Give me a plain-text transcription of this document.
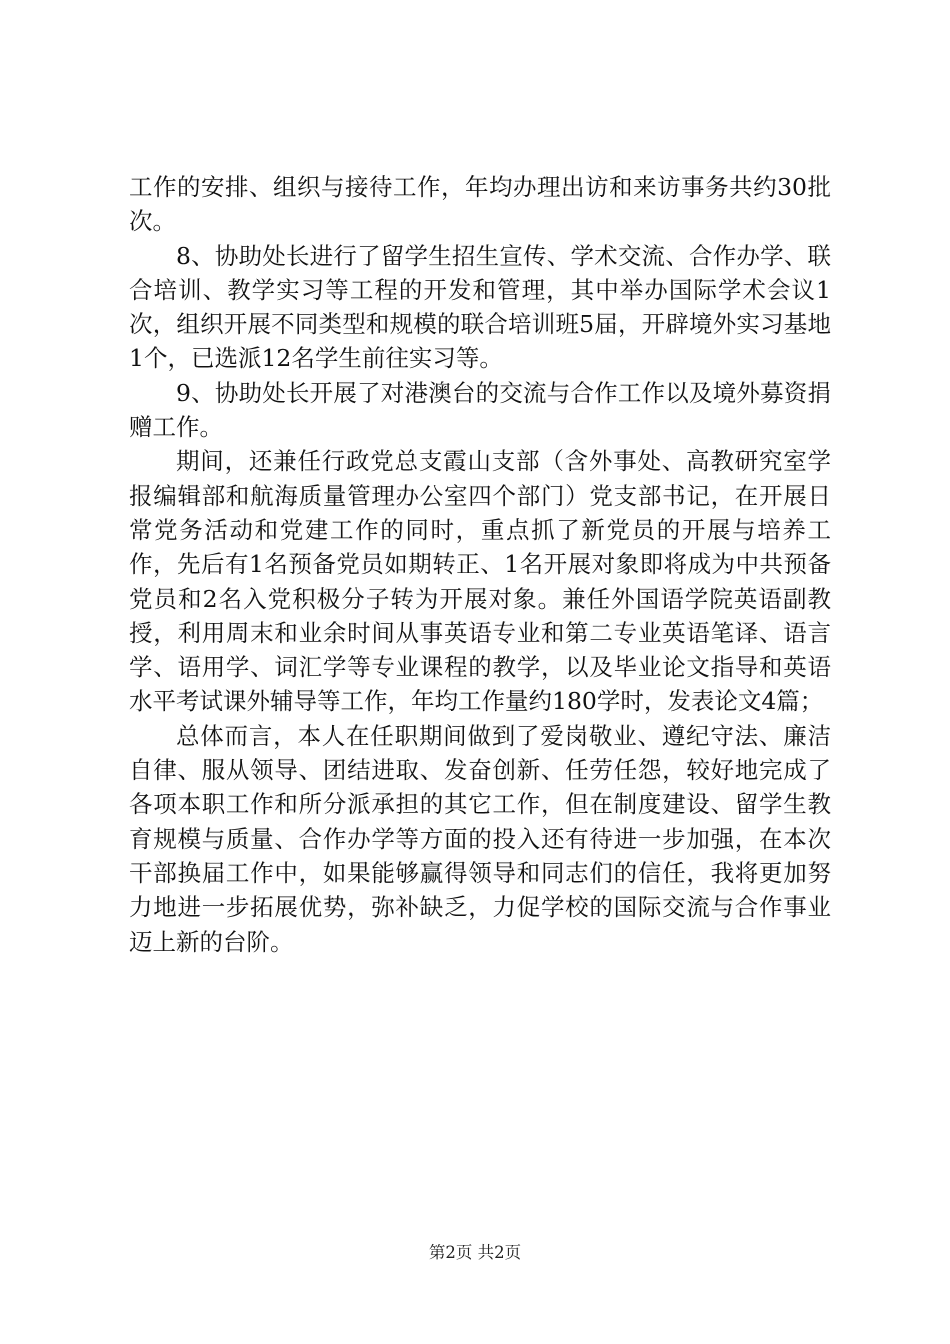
工作的安排、组织与接待工作，年均办理出访和来访事务共约30批次。

8、协助处长进行了留学生招生宣传、学术交流、合作办学、联合培训、教学实习等工程的开发和管理，其中举办国际学术会议1次，组织开展不同类型和规模的联合培训班5届，开辟境外实习基地1个，已选派12名学生前往实习等。

9、协助处长开展了对港澳台的交流与合作工作以及境外募资捐赠工作。

期间，还兼任行政党总支霞山支部（含外事处、高教研究室学报编辑部和航海质量管理办公室四个部门）党支部书记，在开展日常党务活动和党建工作的同时，重点抓了新党员的开展与培养工作，先后有1名预备党员如期转正、1名开展对象即将成为中共预备党员和2名入党积极分子转为开展对象。兼任外国语学院英语副教授，利用周末和业余时间从事英语专业和第二专业英语笔译、语言学、语用学、词汇学等专业课程的教学，以及毕业论文指导和英语水平考试课外辅导等工作，年均工作量约180学时，发表论文4篇；

总体而言，本人在任职期间做到了爱岗敬业、遵纪守法、廉洁自律、服从领导、团结进取、发奋创新、任劳任怨，较好地完成了各项本职工作和所分派承担的其它工作，但在制度建设、留学生教育规模与质量、合作办学等方面的投入还有待进一步加强，在本次干部换届工作中，如果能够赢得领导和同志们的信任，我将更加努力地进一步拓展优势，弥补缺乏，力促学校的国际交流与合作事业迈上新的台阶。

第2页 共2页
